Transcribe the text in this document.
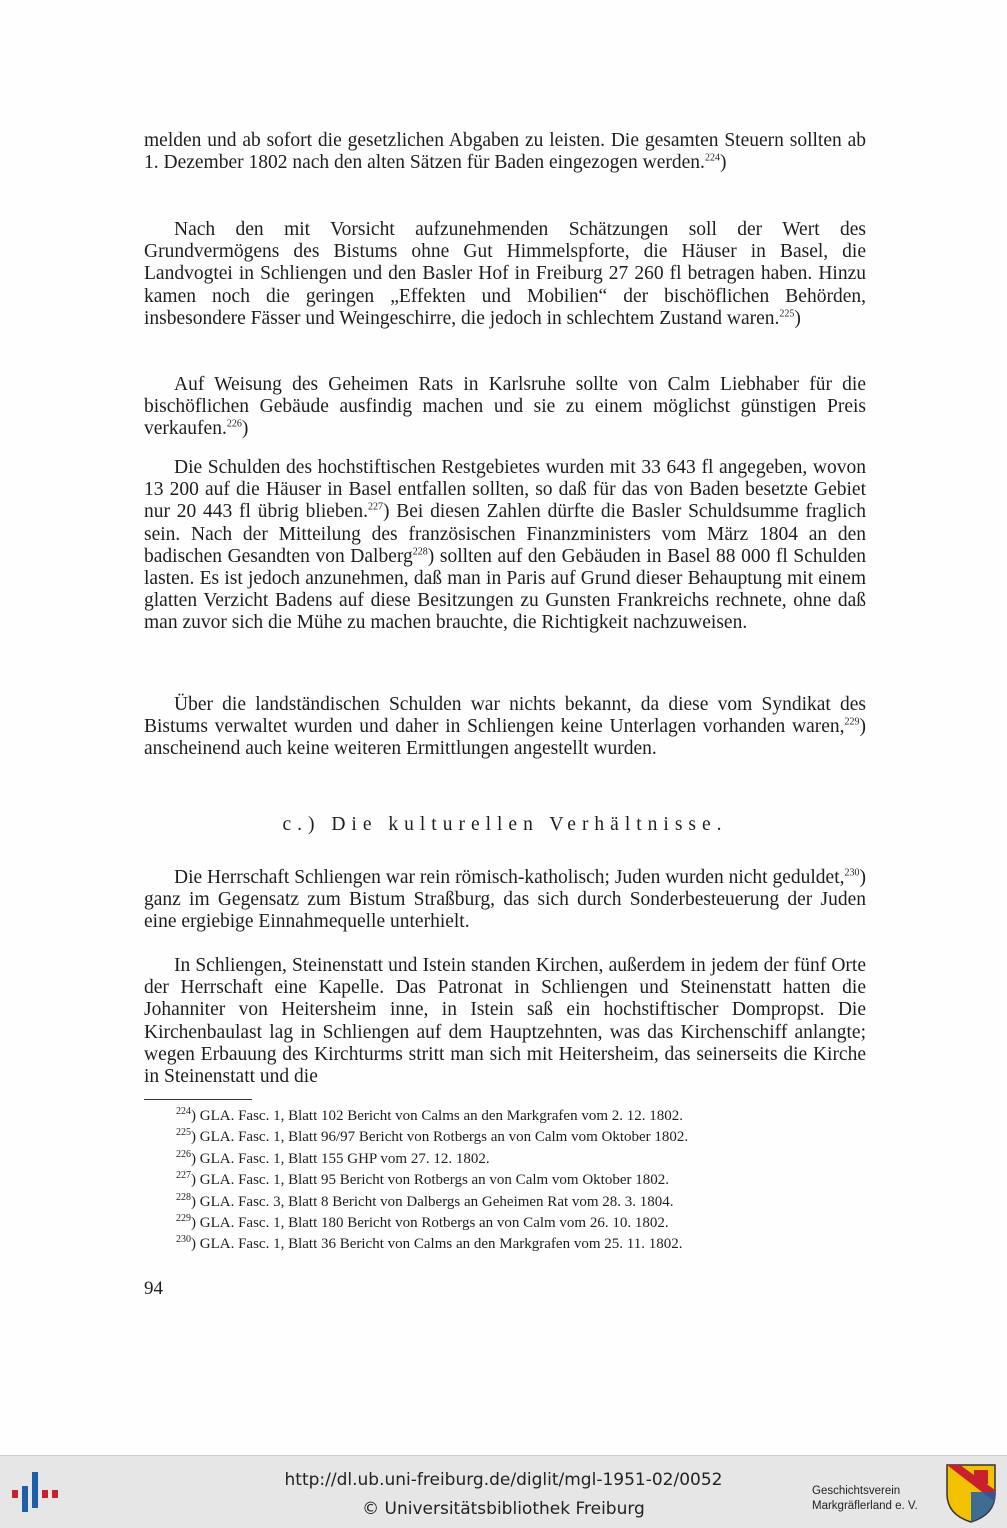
melden und ab sofort die gesetzlichen Abgaben zu leisten. Die gesamten Steuern sollten ab 1. Dezember 1802 nach den alten Sätzen für Baden eingezogen werden.$^{224}$)

Nach den mit Vorsicht aufzunehmenden Schätzungen soll der Wert des Grundvermögens des Bistums ohne Gut Himmelspforte, die Häuser in Basel, die Landvogtei in Schliengen und den Basler Hof in Freiburg 27 260 fl betragen haben. Hinzu kamen noch die geringen „Effekten und Mobilien“ der bischöflichen Behörden, insbesondere Fässer und Weingeschirre, die jedoch in schlechtem Zustand waren.$^{225}$)

Auf Weisung des Geheimen Rats in Karlsruhe sollte von Calm Liebhaber für die bischöflichen Gebäude ausfindig machen und sie zu einem möglichst günstigen Preis verkaufen.$^{226}$)

Die Schulden des hochstiftischen Restgebietes wurden mit 33 643 fl angegeben, wovon 13 200 auf die Häuser in Basel entfallen sollten, so daß für das von Baden besetzte Gebiet nur 20 443 fl übrig blieben.$^{227}$) Bei diesen Zahlen dürfte die Basler Schuldsumme fraglich sein. Nach der Mitteilung des französischen Finanzministers vom März 1804 an den badischen Gesandten von Dalberg$^{228}$) sollten auf den Gebäuden in Basel 88 000 fl Schulden lasten. Es ist jedoch anzunehmen, daß man in Paris auf Grund dieser Behauptung mit einem glatten Verzicht Badens auf diese Besitzungen zu Gunsten Frankreichs rechnete, ohne daß man zuvor sich die Mühe zu machen brauchte, die Richtigkeit nachzuweisen.

Über die landständischen Schulden war nichts bekannt, da diese vom Syndikat des Bistums verwaltet wurden und daher in Schliengen keine Unterlagen vorhanden waren,$^{229}$) anscheinend auch keine weiteren Ermittlungen angestellt wurden.

c.) Die kulturellen Verhältnisse.

Die Herrschaft Schliengen war rein römisch-katholisch; Juden wurden nicht geduldet,$^{230}$) ganz im Gegensatz zum Bistum Straßburg, das sich durch Sonderbesteuerung der Juden eine ergiebige Einnahmequelle unterhielt.

In Schliengen, Steinenstatt und Istein standen Kirchen, außerdem in jedem der fünf Orte der Herrschaft eine Kapelle. Das Patronat in Schliengen und Steinenstatt hatten die Johanniter von Heitersheim inne, in Istein saß ein hochstiftischer Dompropst. Die Kirchenbaulast lag in Schliengen auf dem Hauptzehnten, was das Kirchenschiff anlangte; wegen Erbauung des Kirchturms stritt man sich mit Heitersheim, das seinerseits die Kirche in Steinenstatt und die

$^{224}$) GLA. Fasc. 1, Blatt 102 Bericht von Calms an den Markgrafen vom 2. 12. 1802.

$^{225}$) GLA. Fasc. 1, Blatt 96/97 Bericht von Rotbergs an von Calm vom Oktober 1802.

$^{226}$) GLA. Fasc. 1, Blatt 155 GHP vom 27. 12. 1802.

$^{227}$) GLA. Fasc. 1, Blatt 95 Bericht von Rotbergs an von Calm vom Oktober 1802.

$^{228}$) GLA. Fasc. 3, Blatt 8 Bericht von Dalbergs an Geheimen Rat vom 28. 3. 1804.

$^{229}$) GLA. Fasc. 1, Blatt 180 Bericht von Rotbergs an von Calm vom 26. 10. 1802.

$^{230}$) GLA. Fasc. 1, Blatt 36 Bericht von Calms an den Markgrafen vom 25. 11. 1802.

94
http://dl.ub.uni-freiburg.de/diglit/mgl-1951-02/0052
© Universitätsbibliothek Freiburg
Geschichtsverein
Markgräflerland e. V.
